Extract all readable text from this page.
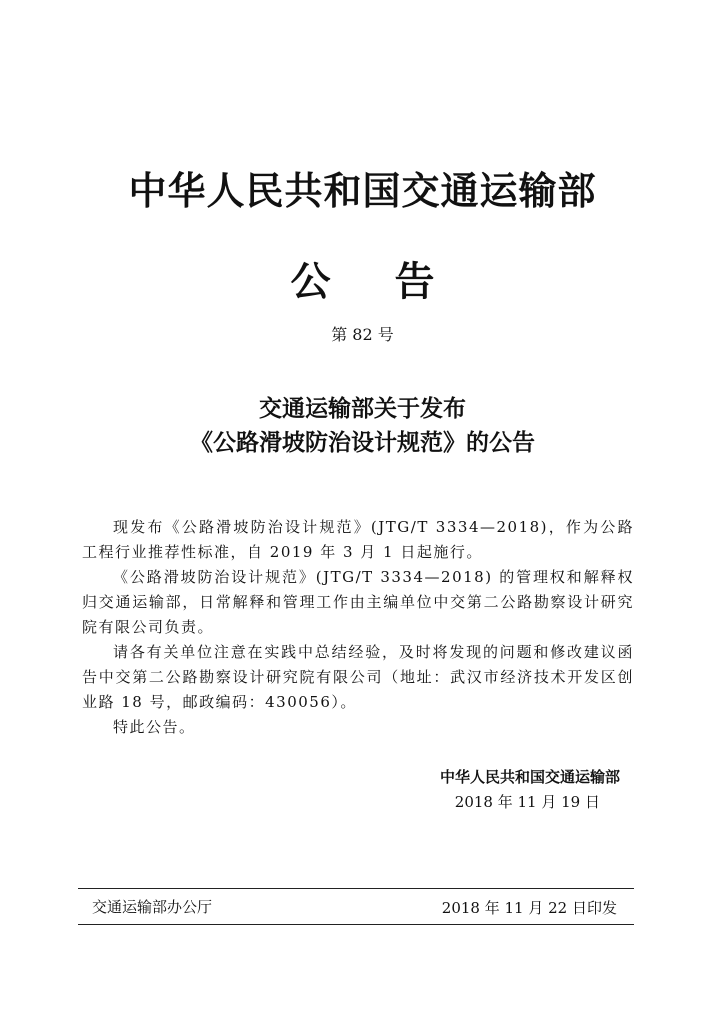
中华人民共和国交通运输部
公 告
第 82 号
交通运输部关于发布
《公路滑坡防治设计规范》的公告

现发布《公路滑坡防治设计规范》(JTG/T 3334—2018)，作为公路工程行业推荐性标准，自 2019 年 3 月 1 日起施行。

《公路滑坡防治设计规范》(JTG/T 3334—2018) 的管理权和解释权归交通运输部，日常解释和管理工作由主编单位中交第二公路勘察设计研究院有限公司负责。

请各有关单位注意在实践中总结经验，及时将发现的问题和修改建议函告中交第二公路勘察设计研究院有限公司（地址：武汉市经济技术开发区创业路 18 号，邮政编码：430056）。

特此公告。

中华人民共和国交通运输部
2018 年 11 月 19 日
交通运输部办公厅	2018 年 11 月 22 日印发
